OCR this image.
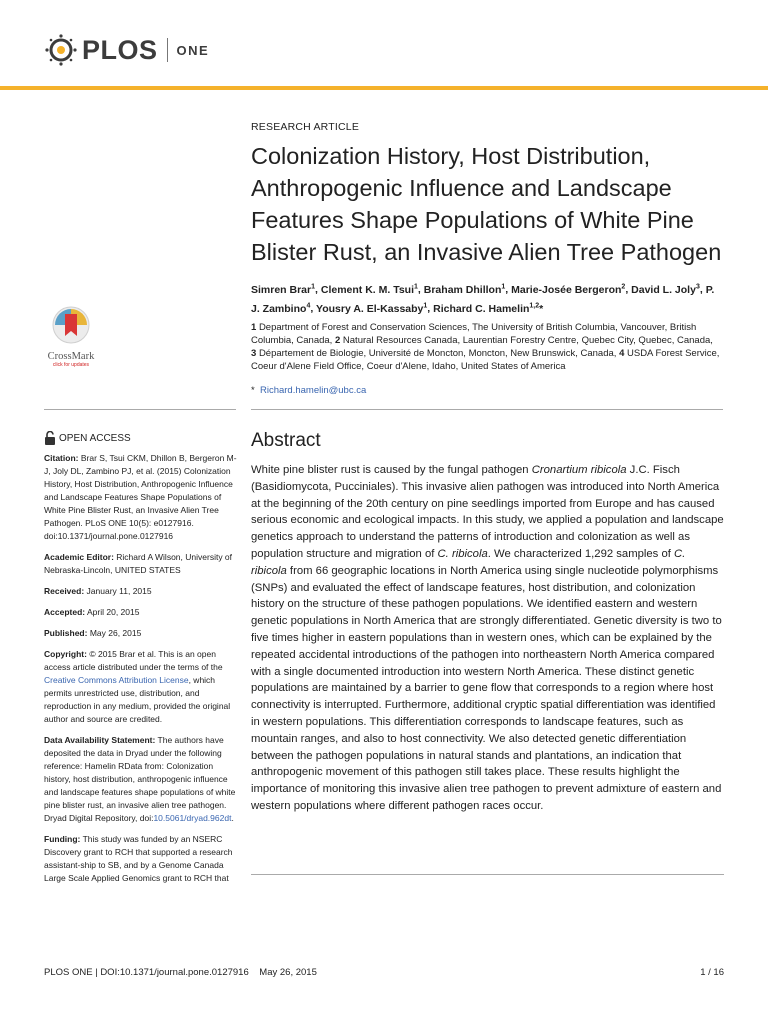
PLOS ONE
RESEARCH ARTICLE
Colonization History, Host Distribution, Anthropogenic Influence and Landscape Features Shape Populations of White Pine Blister Rust, an Invasive Alien Tree Pathogen
Simren Brar$^1$, Clement K. M. Tsui$^1$, Braham Dhillon$^1$, Marie-Josée Bergeron$^2$, David L. Joly$^3$, P. J. Zambino$^4$, Yousry A. El-Kassaby$^1$, Richard C. Hamelin$^{1,2}$*
1 Department of Forest and Conservation Sciences, The University of British Columbia, Vancouver, British Columbia, Canada, 2 Natural Resources Canada, Laurentian Forestry Centre, Quebec City, Quebec, Canada, 3 Département de Biologie, Université de Moncton, Moncton, New Brunswick, Canada, 4 USDA Forest Service, Coeur d'Alene Field Office, Coeur d'Alene, Idaho, United States of America
* Richard.hamelin@ubc.ca
CrossMark
click for updates
OPEN ACCESS

Citation: Brar S, Tsui CKM, Dhillon B, Bergeron M-J, Joly DL, Zambino PJ, et al. (2015) Colonization History, Host Distribution, Anthropogenic Influence and Landscape Features Shape Populations of White Pine Blister Rust, an Invasive Alien Tree Pathogen. PLoS ONE 10(5): e0127916. doi:10.1371/journal.pone.0127916

Academic Editor: Richard A Wilson, University of Nebraska-Lincoln, UNITED STATES

Received: January 11, 2015

Accepted: April 20, 2015

Published: May 26, 2015

Copyright: © 2015 Brar et al. This is an open access article distributed under the terms of the Creative Commons Attribution License, which permits unrestricted use, distribution, and reproduction in any medium, provided the original author and source are credited.

Data Availability Statement: The authors have deposited the data in Dryad under the following reference: Hamelin RData from: Colonization history, host distribution, anthropogenic influence and landscape features shape populations of white pine blister rust, an invasive alien tree pathogen. Dryad Digital Repository, doi:10.5061/dryad.962dt.

Funding: This study was funded by an NSERC Discovery grant to RCH that supported a research assistant-ship to SB, and by a Genome Canada Large Scale Applied Genomics grant to RCH that

Abstract
White pine blister rust is caused by the fungal pathogen Cronartium ribicola J.C. Fisch (Basidiomycota, Pucciniales). This invasive alien pathogen was introduced into North America at the beginning of the 20th century on pine seedlings imported from Europe and has caused serious economic and ecological impacts. In this study, we applied a population and landscape genetics approach to understand the patterns of introduction and colonization as well as population structure and migration of C. ribicola. We characterized 1,292 samples of C. ribicola from 66 geographic locations in North America using single nucleotide polymorphisms (SNPs) and evaluated the effect of landscape features, host distribution, and colonization history on the structure of these pathogen populations. We identified eastern and western genetic populations in North America that are strongly differentiated. Genetic diversity is two to five times higher in eastern populations than in western ones, which can be explained by the repeated accidental introductions of the pathogen into northeastern North America compared with a single documented introduction into western North America. These distinct genetic populations are maintained by a barrier to gene flow that corresponds to a region where host connectivity is interrupted. Furthermore, additional cryptic spatial differentiation was identified in western populations. This differentiation corresponds to landscape features, such as mountain ranges, and also to host connectivity. We also detected genetic differentiation between the pathogen populations in natural stands and plantations, an indication that anthropogenic movement of this pathogen still takes place. These results highlight the importance of monitoring this invasive alien tree pathogen to prevent admixture of eastern and western populations where different pathogen races occur.
PLOS ONE | DOI:10.1371/journal.pone.0127916    May 26, 2015	1 / 16
